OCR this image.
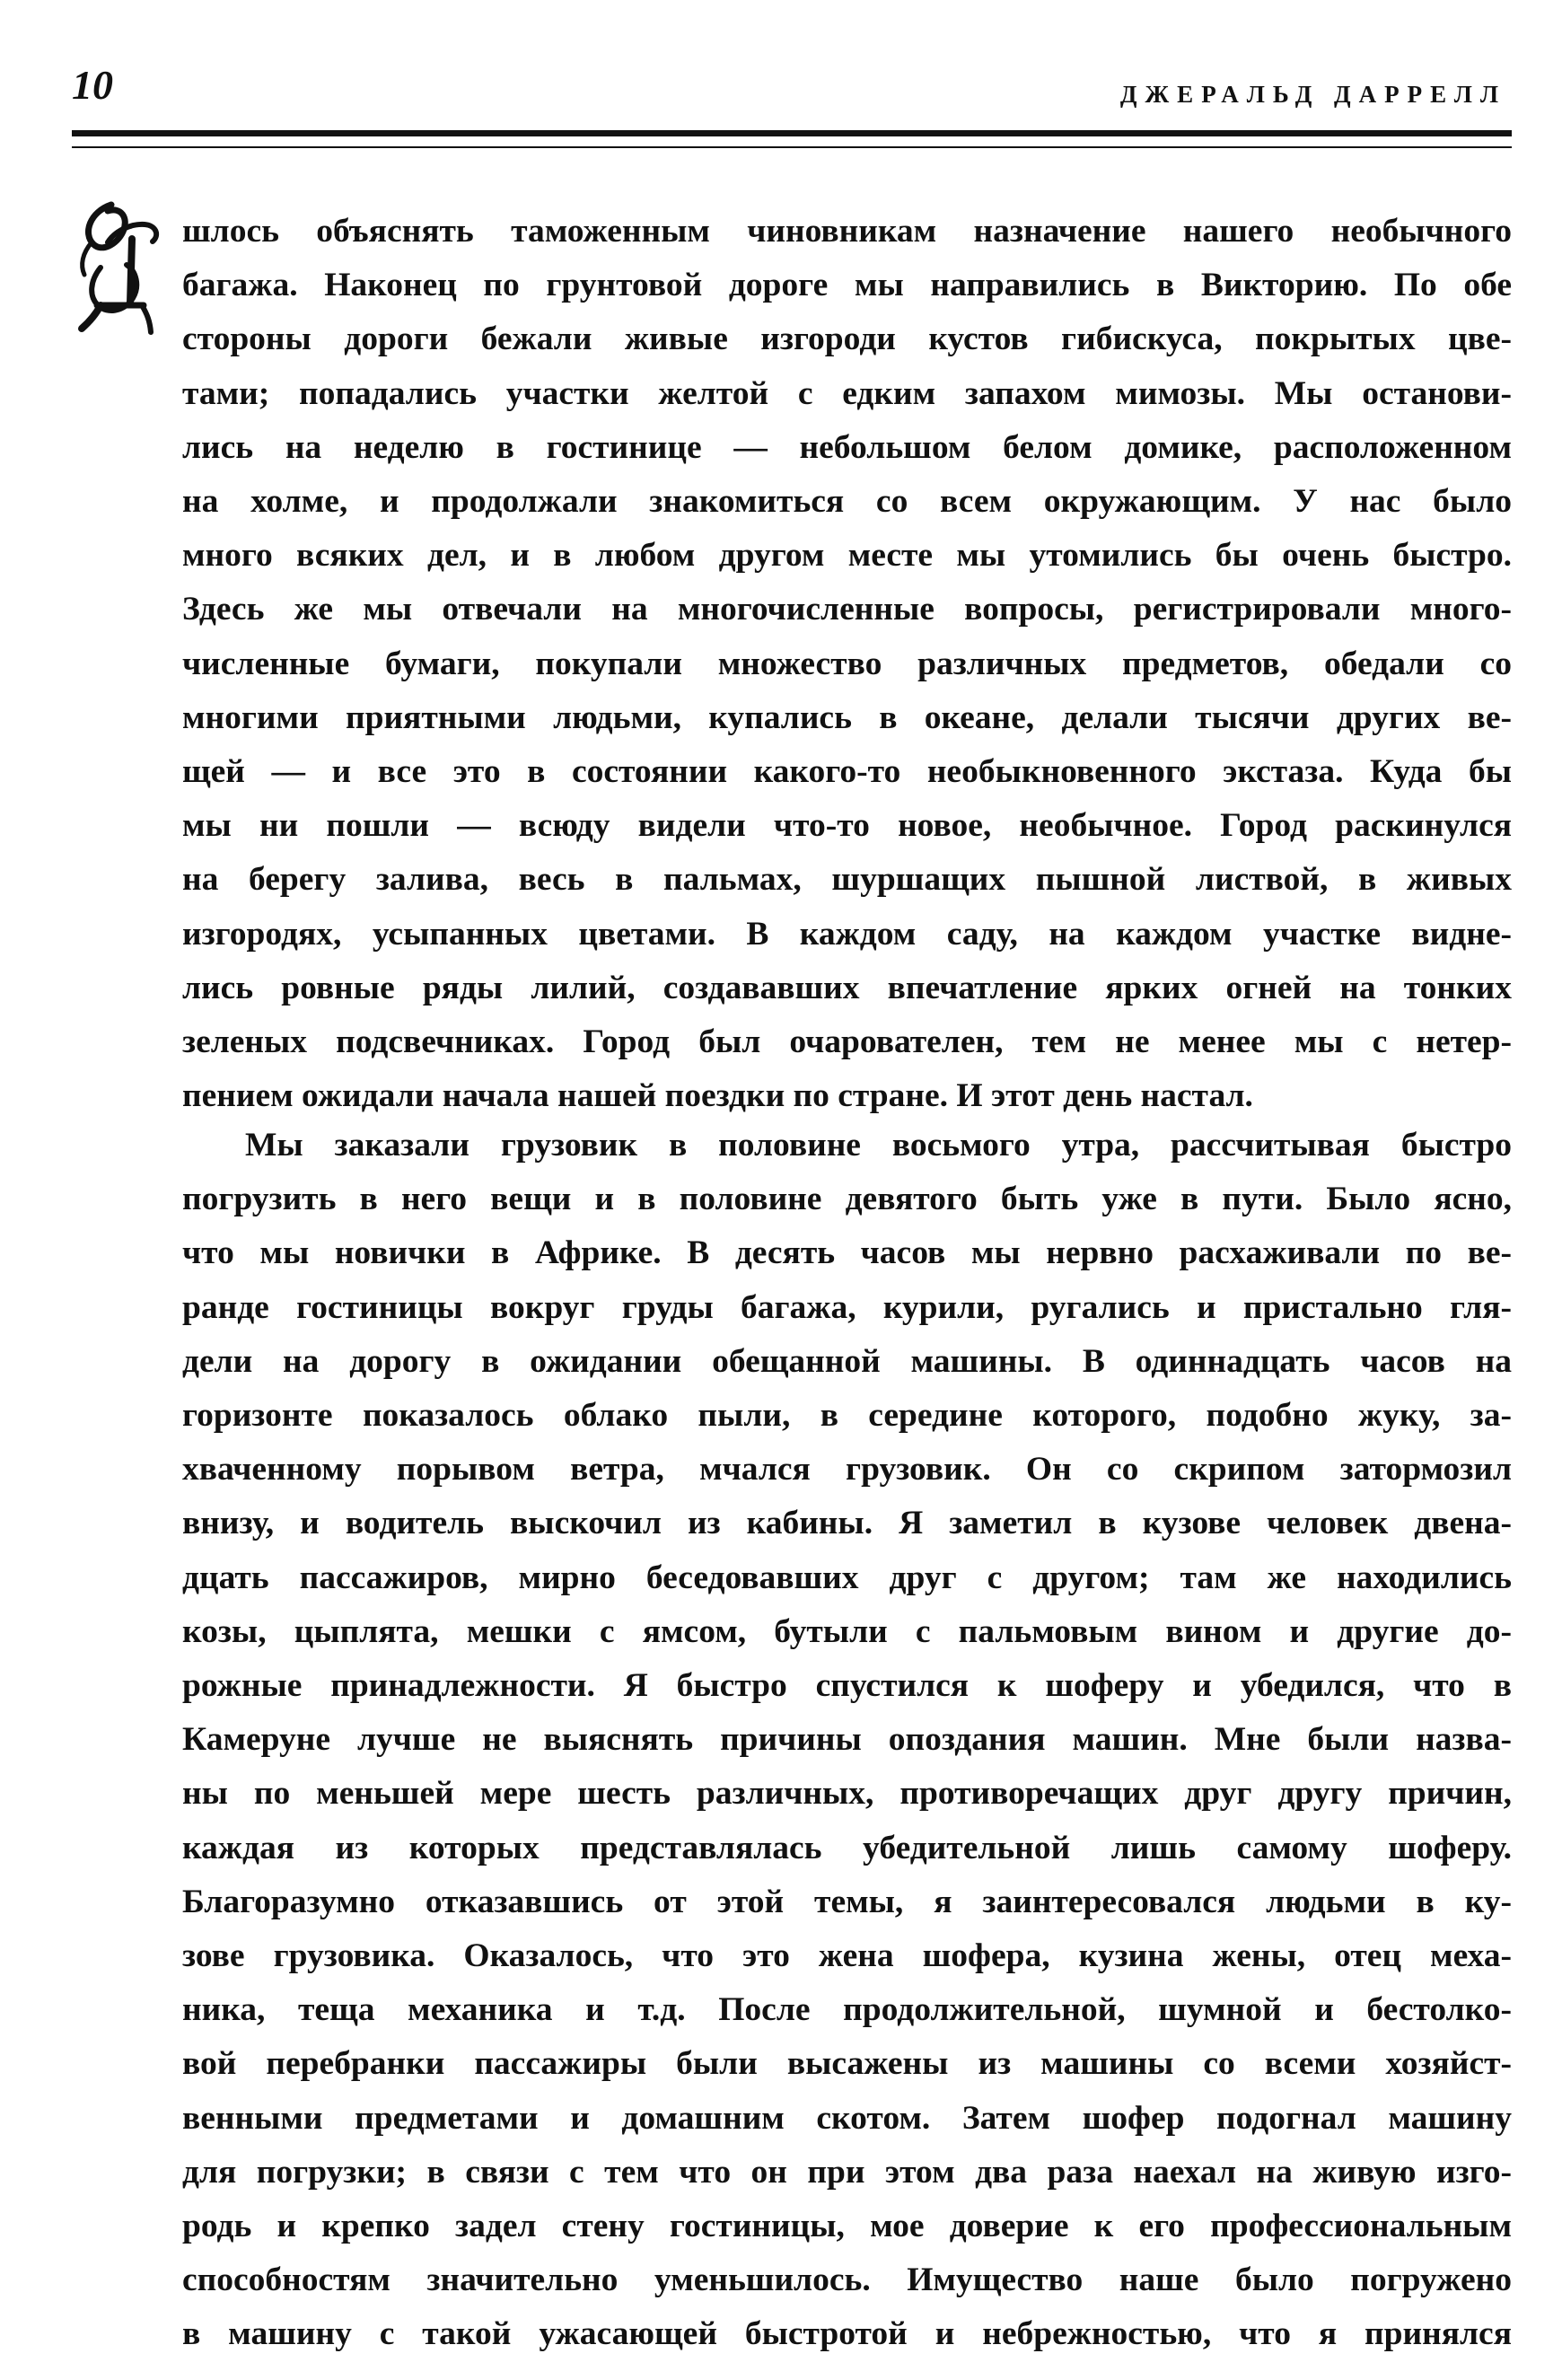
10	ДЖЕРАЛЬД ДАРРЕЛЛ
шлось объяснять таможенным чиновникам назначение нашего необычного
багажа. Наконец по грунтовой дороге мы направились в Викторию. По обе
стороны дороги бежали живые изгороди кустов гибискуса, покрытых цве-
тами; попадались участки желтой с едким запахом мимозы. Мы останови-
лись на неделю в гостинице — небольшом белом домике, расположенном
на холме, и продолжали знакомиться со всем окружающим. У нас было
много всяких дел, и в любом другом месте мы утомились бы очень быстро.
Здесь же мы отвечали на многочисленные вопросы, регистрировали много-
численные бумаги, покупали множество различных предметов, обедали со
многими приятными людьми, купались в океане, делали тысячи других ве-
щей — и все это в состоянии какого-то необыкновенного экстаза. Куда бы
мы ни пошли — всюду видели что-то новое, необычное. Город раскинулся
на берегу залива, весь в пальмах, шуршащих пышной листвой, в живых
изгородях, усыпанных цветами. В каждом саду, на каждом участке видне-
лись ровные ряды лилий, создававших впечатление ярких огней на тонких
зеленых подсвечниках. Город был очарователен, тем не менее мы с нетер-
пением ожидали начала нашей поездки по стране. И этот день настал.
Мы заказали грузовик в половине восьмого утра, рассчитывая быстро
погрузить в него вещи и в половине девятого быть уже в пути. Было ясно,
что мы новички в Африке. В десять часов мы нервно расхаживали по ве-
ранде гостиницы вокруг груды багажа, курили, ругались и пристально гля-
дели на дорогу в ожидании обещанной машины. В одиннадцать часов на
горизонте показалось облако пыли, в середине которого, подобно жуку, за-
хваченному порывом ветра, мчался грузовик. Он со скрипом затормозил
внизу, и водитель выскочил из кабины. Я заметил в кузове человек двена-
дцать пассажиров, мирно беседовавших друг с другом; там же находились
козы, цыплята, мешки с ямсом, бутыли с пальмовым вином и другие до-
рожные принадлежности. Я быстро спустился к шоферу и убедился, что в
Камеруне лучше не выяснять причины опоздания машин. Мне были назва-
ны по меньшей мере шесть различных, противоречащих друг другу причин,
каждая из которых представлялась убедительной лишь самому шоферу.
Благоразумно отказавшись от этой темы, я заинтересовался людьми в ку-
зове грузовика. Оказалось, что это жена шофера, кузина жены, отец меха-
ника, теща механика и т.д. После продолжительной, шумной и бестолко-
вой перебранки пассажиры были высажены из машины со всеми хозяйст-
венными предметами и домашним скотом. Затем шофер подогнал машину
для погрузки; в связи с тем что он при этом два раза наехал на живую изго-
родь и крепко задел стену гостиницы, мое доверие к его профессиональным
способностям значительно уменьшилось. Имущество наше было погружено
в машину с такой ужасающей быстротой и небрежностью, что я принялся
